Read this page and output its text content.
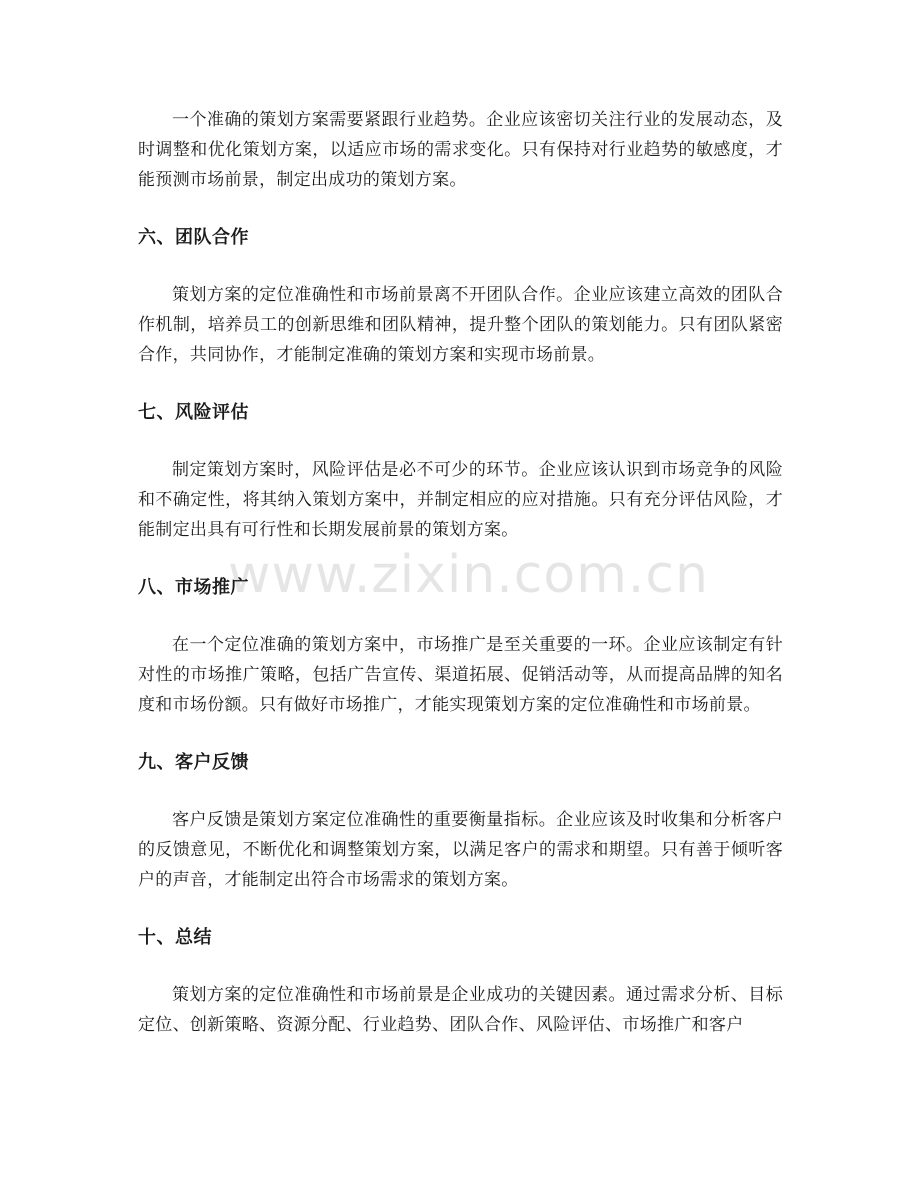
一个准确的策划方案需要紧跟行业趋势。企业应该密切关注行业的发展动态，及时调整和优化策划方案，以适应市场的需求变化。只有保持对行业趋势的敏感度，才能预测市场前景，制定出成功的策划方案。

六、团队合作

策划方案的定位准确性和市场前景离不开团队合作。企业应该建立高效的团队合作机制，培养员工的创新思维和团队精神，提升整个团队的策划能力。只有团队紧密合作，共同协作，才能制定准确的策划方案和实现市场前景。

七、风险评估

制定策划方案时，风险评估是必不可少的环节。企业应该认识到市场竞争的风险和不确定性，将其纳入策划方案中，并制定相应的应对措施。只有充分评估风险，才能制定出具有可行性和长期发展前景的策划方案。

八、市场推广

在一个定位准确的策划方案中，市场推广是至关重要的一环。企业应该制定有针对性的市场推广策略，包括广告宣传、渠道拓展、促销活动等，从而提高品牌的知名度和市场份额。只有做好市场推广，才能实现策划方案的定位准确性和市场前景。

九、客户反馈

客户反馈是策划方案定位准确性的重要衡量指标。企业应该及时收集和分析客户的反馈意见，不断优化和调整策划方案，以满足客户的需求和期望。只有善于倾听客户的声音，才能制定出符合市场需求的策划方案。

十、总结

策划方案的定位准确性和市场前景是企业成功的关键因素。通过需求分析、目标定位、创新策略、资源分配、行业趋势、团队合作、风险评估、市场推广和客户

www.zixin.com.cn
